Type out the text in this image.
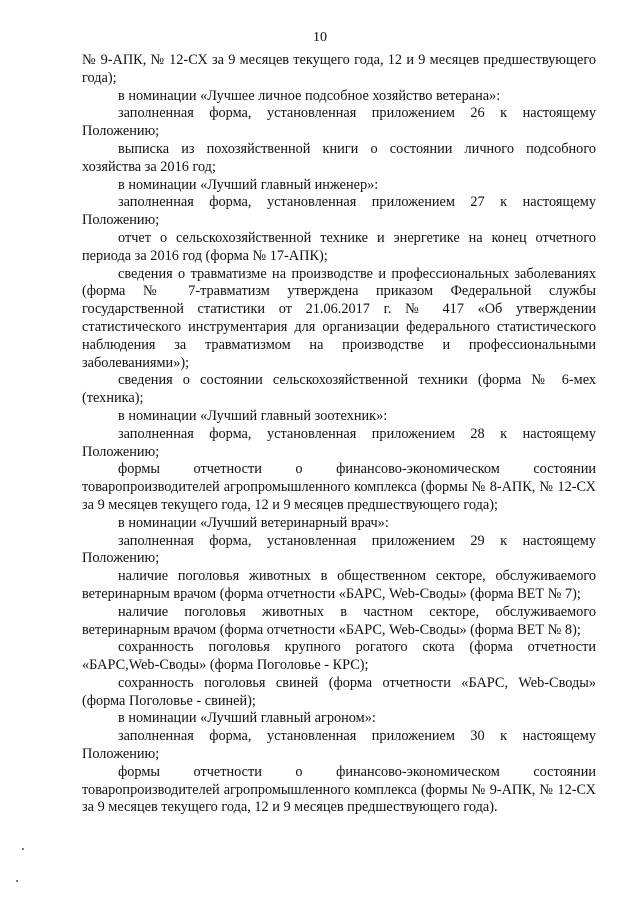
10

№ 9-АПК, № 12-СХ за 9 месяцев текущего года, 12 и 9 месяцев предшествующего года);

в номинации «Лучшее личное подсобное хозяйство ветерана»:

заполненная форма, установленная приложением 26 к настоящему Положению;

выписка из похозяйственной книги о состоянии личного подсобного хозяйства за 2016 год;

в номинации «Лучший главный инженер»:

заполненная форма, установленная приложением 27 к настоящему Положению;

отчет о сельскохозяйственной технике и энергетике на конец отчетного периода за 2016 год (форма № 17-АПК);

сведения о травматизме на производстве и профессиональных заболеваниях (форма № 7-травматизм утверждена приказом Федеральной службы государственной статистики от 21.06.2017 г. № 417 «Об утверждении статистического инструментария для организации федерального статистического наблюдения за травматизмом на производстве и профессиональными заболеваниями»);

сведения о состоянии сельскохозяйственной техники (форма № 6-мех (техника);

в номинации «Лучший главный зоотехник»:

заполненная форма, установленная приложением 28 к настоящему Положению;

формы отчетности о финансово-экономическом состоянии товаропроизводителей агропромышленного комплекса (формы № 8-АПК, № 12-СХ за 9 месяцев текущего года, 12 и 9 месяцев предшествующего года);

в номинации «Лучший ветеринарный врач»:

заполненная форма, установленная приложением 29 к настоящему Положению;

наличие поголовья животных в общественном секторе, обслуживаемого ветеринарным врачом (форма отчетности «БАРС, Web-Своды» (форма ВЕТ № 7);

наличие поголовья животных в частном секторе, обслуживаемого ветеринарным врачом (форма отчетности «БАРС, Web-Своды» (форма ВЕТ № 8);

сохранность поголовья крупного рогатого скота (форма отчетности «БАРС,Web-Своды» (форма Поголовье - КРС);

сохранность поголовья свиней (форма отчетности «БАРС, Web-Своды» (форма Поголовье - свиней);

в номинации «Лучший главный агроном»:

заполненная форма, установленная приложением 30 к настоящему Положению;

формы отчетности о финансово-экономическом состоянии товаропроизводителей агропромышленного комплекса (формы № 9-АПК, № 12-СХ за 9 месяцев текущего года, 12 и 9 месяцев предшествующего года).
